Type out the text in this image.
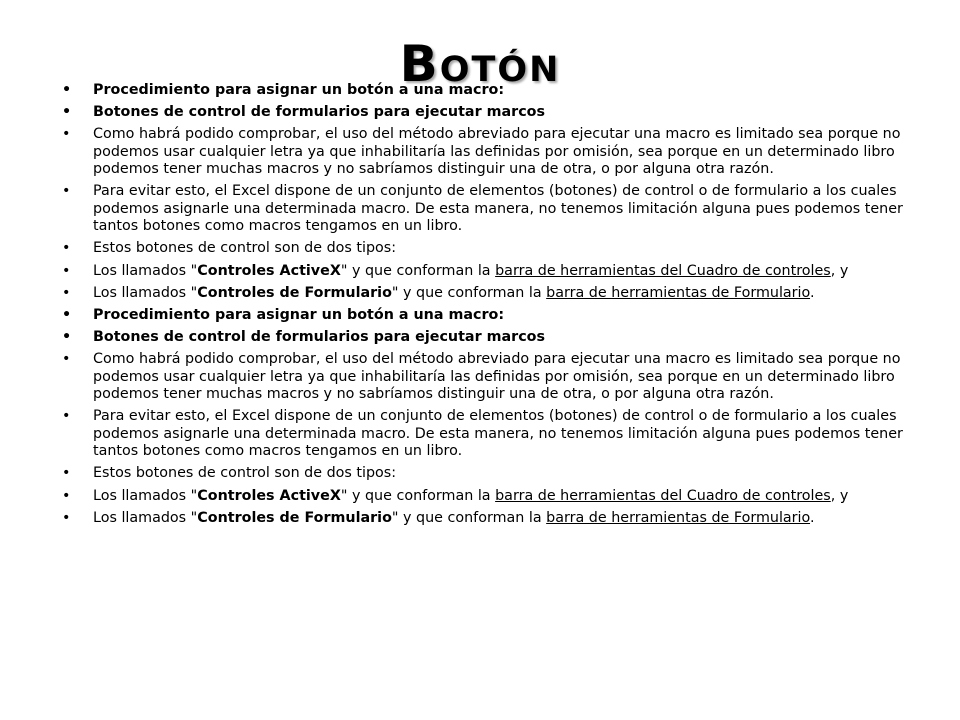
Botón
• Procedimiento para asignar un botón a una macro:
• Botones de control de formularios para ejecutar marcos
• Como habrá podido comprobar, el uso del método abreviado para ejecutar una macro es limitado sea porque no podemos usar cualquier letra ya que inhabilitaría las definidas por omisión, sea porque en un determinado libro podemos tener muchas macros y no sabríamos distinguir una de otra, o por alguna otra razón.
• Para evitar esto, el Excel dispone de un conjunto de elementos (botones) de control o de formulario a los cuales podemos asignarle una determinada macro. De esta manera, no tenemos limitación alguna pues podemos tener tantos botones como macros tengamos en un libro.
• Estos botones de control son de dos tipos:
• Los llamados "Controles ActiveX" y que conforman la barra de herramientas del Cuadro de controles, y
• Los llamados "Controles de Formulario" y que conforman la barra de herramientas de Formulario.
• Procedimiento para asignar un botón a una macro:
• Botones de control de formularios para ejecutar marcos
• Como habrá podido comprobar, el uso del método abreviado para ejecutar una macro es limitado sea porque no podemos usar cualquier letra ya que inhabilitaría las definidas por omisión, sea porque en un determinado libro podemos tener muchas macros y no sabríamos distinguir una de otra, o por alguna otra razón.
• Para evitar esto, el Excel dispone de un conjunto de elementos (botones) de control o de formulario a los cuales podemos asignarle una determinada macro. De esta manera, no tenemos limitación alguna pues podemos tener tantos botones como macros tengamos en un libro.
• Estos botones de control son de dos tipos:
• Los llamados "Controles ActiveX" y que conforman la barra de herramientas del Cuadro de controles, y
• Los llamados "Controles de Formulario" y que conforman la barra de herramientas de Formulario.
